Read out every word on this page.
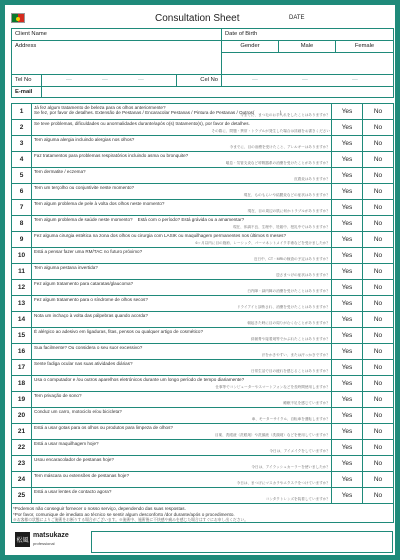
Consultation Sheet	DATE
Client Name	Date of Birth
Address	Gender	Male	Female
Tel No	—	—	—	Cel No	—	—	—
E-mail
1
Já fez algum tratamento de beleza para os olhos anteriormente?
Se fez, por favor de detalhes. Extensão de Pestanas / Encaracolar Pestanas / Pintura de Pestanas / Outros(                    )
今までに、まつ毛のお手入れをしたことはありますか？	Yes	No
2
Se teve problemas, dificuldades ou anormalidades durante/após o(s) tratamento(s), por favor de detalhes.
その際に、問題・異常・トラブルが発生した場合は詳細をお書きください	Yes	No
3
Tem alguma alergia incluindo alergias nos olhos?
今までに、目の治療を受けたこと、アレルギーはありますか？	Yes	No
4
Faz tratamentos para problemas respiratórios incluindo asma ou bronquite?
喘息・気管支炎など呼吸器系の治療を受けたことがありますか？	Yes	No
5
Tem dermatite / eczema?
皮膚炎はありますか？	Yes	No
6
Tem um terçolho ou conjuntivite neste momento?
現在、ものもらいや結膜炎などの症状はありますか？	Yes	No
7
Tem algum problema de pele à volta dos olhos neste momento?
現在、目の周辺の肌に何かトラブルがありますか？	Yes	No
8
Tem algum problema de saúde neste momento?    Está com o período? Está grávida ou a amamentar?
現在、体調不良、生理中、妊娠中、授乳中ではありますか？	Yes	No
9
Fez alguma cirurgia estética na zona dos olhos ou cirurgia com LASIK ou maquilhagem permanentes nos últimos 6 meses?
6ヶ月以内に目の施術、レーシック、パーマネントメイク手術などを受けましたか？	Yes	No
10
Está a pensar fazer uma RM/TAC no futuro próximo?
近日中、CT・MRIの検査の予定はありますか？	Yes	No
11
Tem alguma pestana invertida?
逆さまつげの症状はありますか？	Yes	No
12
Fez algum tratamento para cataratas/glaucoma?
白内障・緑内障の治療を受けたことはありますか？	Yes	No
13
Fez algum tratamento para o síndrome de olhos secos?
ドライアイと診断され、治療を受けたことはありますか？	Yes	No
14
Nota um inchaço à volta das pálpebras quando acorda?
朝起きた時に目の周りがむくむことがありますか？	Yes	No
15
É alérgico ao adesivo em ligaduras, fitas, pensos ou qualquer artigo de cosmético?
絆創膏や接着剤等でかぶれたことはありますか？	Yes	No
16
Sua facilmente? Ou considera o seu suor excessivo?
汗をかきやすい、または汗っかきですか？	Yes	No
17
Sente fadiga ocular nas suas atividades diárias?
日常生活で目の疲れを感じることはありますか？	Yes	No
18
Usa o computador e /ou outros aparelhos eletrónicos durante um longo período de tempo diariamente?
仕事等でコンピューターやスマートフォンなどを長時間使用しますか？	Yes	No
19
Tem privação de sono?
睡眠不足を感じていますか？	Yes	No
20
Conduz um carro, motociclo e/ou bicicleta?
車、モーターサイクル、自転車を運転しますか？	Yes	No
21
Está a usar gotas para os olhos ou produtos para limpeza de olhos?
目薬、洗眼液（洗眼剤）や洗顔液（洗顔剤）などを使用していますか？	Yes	No
22
Está a usar maquilhagem hoje?
今日は、アイメイクをしていますか？	Yes	No
23
Usou encaracolador de pestanas hoje?
今日は、アイラッシュカーラーを使いましたか？	Yes	No
24
Tem máscara ou extensões de pestanas hoje?
今日は、まつげにマスカラやエクステをつけていますか？	Yes	No
25
Está a usar lentes de contacto agora?
コンタクトレンズを装着していますか？	Yes	No
*Podemos não conseguir fornecer o nosso serviço, dependendo das suas respostas.
*Por favor, comunique de imediato ao técnico se sentir algum desconforto /dor durante/após o procedimento.
※お客様の状態によりご施術をお断りする場合がございます。※施術中、施術後に不快感や痛みを感じた場合はすぐにお申し出ください。
松風
matsukaze
professional
